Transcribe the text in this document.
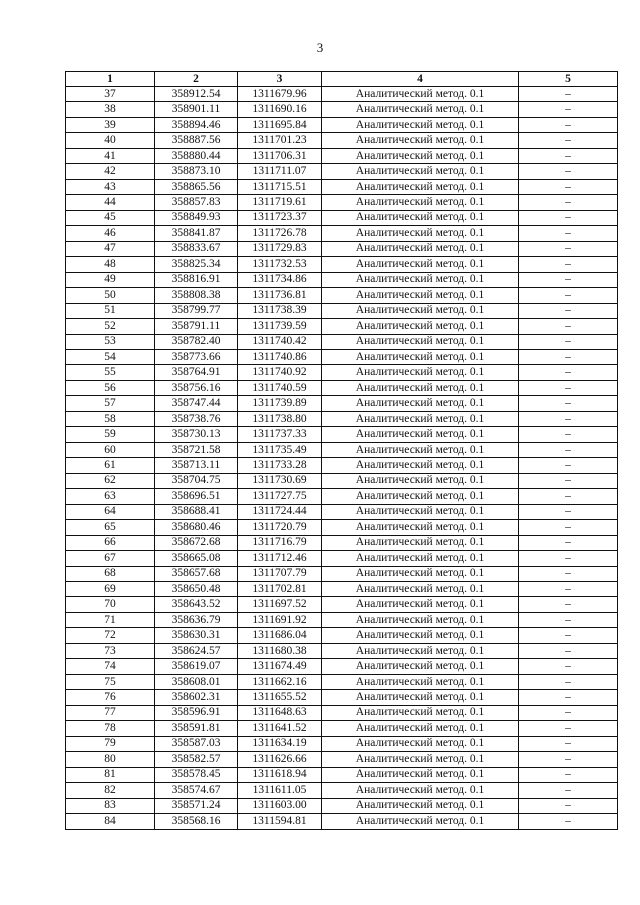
3
1	2	3	4	5
37	358912.54	1311679.96	Аналитический метод. 0.1	–
38	358901.11	1311690.16	Аналитический метод. 0.1	–
39	358894.46	1311695.84	Аналитический метод. 0.1	–
40	358887.56	1311701.23	Аналитический метод. 0.1	–
41	358880.44	1311706.31	Аналитический метод. 0.1	–
42	358873.10	1311711.07	Аналитический метод. 0.1	–
43	358865.56	1311715.51	Аналитический метод. 0.1	–
44	358857.83	1311719.61	Аналитический метод. 0.1	–
45	358849.93	1311723.37	Аналитический метод. 0.1	–
46	358841.87	1311726.78	Аналитический метод. 0.1	–
47	358833.67	1311729.83	Аналитический метод. 0.1	–
48	358825.34	1311732.53	Аналитический метод. 0.1	–
49	358816.91	1311734.86	Аналитический метод. 0.1	–
50	358808.38	1311736.81	Аналитический метод. 0.1	–
51	358799.77	1311738.39	Аналитический метод. 0.1	–
52	358791.11	1311739.59	Аналитический метод. 0.1	–
53	358782.40	1311740.42	Аналитический метод. 0.1	–
54	358773.66	1311740.86	Аналитический метод. 0.1	–
55	358764.91	1311740.92	Аналитический метод. 0.1	–
56	358756.16	1311740.59	Аналитический метод. 0.1	–
57	358747.44	1311739.89	Аналитический метод. 0.1	–
58	358738.76	1311738.80	Аналитический метод. 0.1	–
59	358730.13	1311737.33	Аналитический метод. 0.1	–
60	358721.58	1311735.49	Аналитический метод. 0.1	–
61	358713.11	1311733.28	Аналитический метод. 0.1	–
62	358704.75	1311730.69	Аналитический метод. 0.1	–
63	358696.51	1311727.75	Аналитический метод. 0.1	–
64	358688.41	1311724.44	Аналитический метод. 0.1	–
65	358680.46	1311720.79	Аналитический метод. 0.1	–
66	358672.68	1311716.79	Аналитический метод. 0.1	–
67	358665.08	1311712.46	Аналитический метод. 0.1	–
68	358657.68	1311707.79	Аналитический метод. 0.1	–
69	358650.48	1311702.81	Аналитический метод. 0.1	–
70	358643.52	1311697.52	Аналитический метод. 0.1	–
71	358636.79	1311691.92	Аналитический метод. 0.1	–
72	358630.31	1311686.04	Аналитический метод. 0.1	–
73	358624.57	1311680.38	Аналитический метод. 0.1	–
74	358619.07	1311674.49	Аналитический метод. 0.1	–
75	358608.01	1311662.16	Аналитический метод. 0.1	–
76	358602.31	1311655.52	Аналитический метод. 0.1	–
77	358596.91	1311648.63	Аналитический метод. 0.1	–
78	358591.81	1311641.52	Аналитический метод. 0.1	–
79	358587.03	1311634.19	Аналитический метод. 0.1	–
80	358582.57	1311626.66	Аналитический метод. 0.1	–
81	358578.45	1311618.94	Аналитический метод. 0.1	–
82	358574.67	1311611.05	Аналитический метод. 0.1	–
83	358571.24	1311603.00	Аналитический метод. 0.1	–
84	358568.16	1311594.81	Аналитический метод. 0.1	–
